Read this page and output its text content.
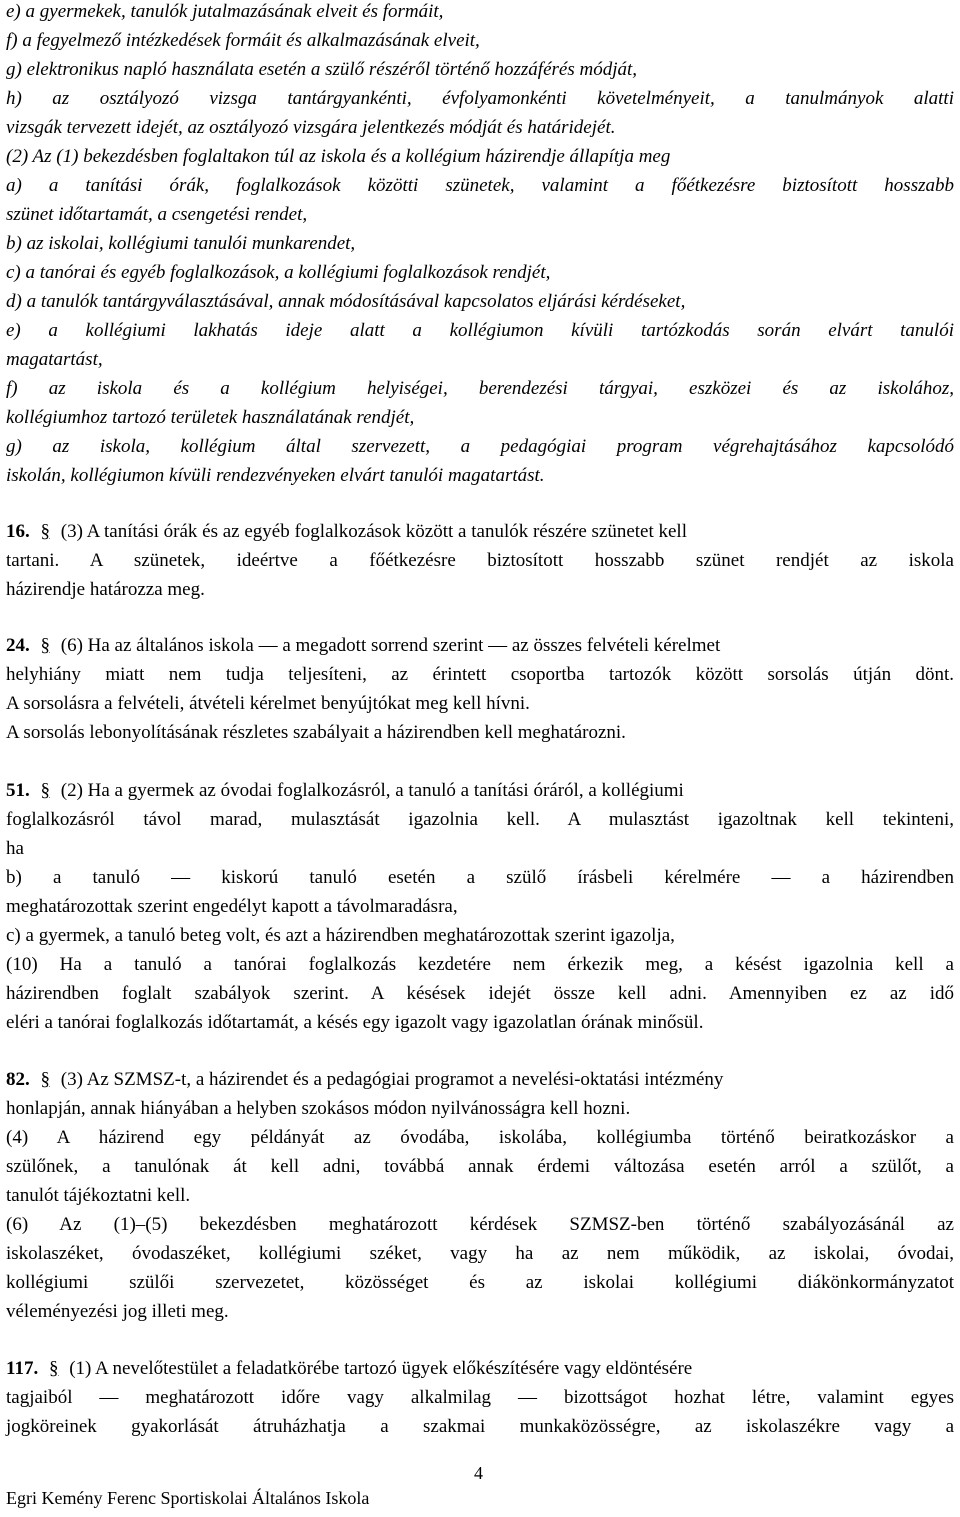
e) a gyermekek, tanulók jutalmazásának elveit és formáit,
f) a fegyelmező intézkedések formáit és alkalmazásának elveit,
g) elektronikus napló használata esetén a szülő részéről történő hozzáférés módját,
h) az osztályozó vizsga tantárgyankénti, évfolyamonkénti követelményeit, a tanulmányok alatti
vizsgák tervezett idejét, az osztályozó vizsgára jelentkezés módját és határidejét.
(2) Az (1) bekezdésben foglaltakon túl az iskola és a kollégium házirendje állapítja meg
a) a tanítási órák, foglalkozások közötti szünetek, valamint a főétkezésre biztosított hosszabb
szünet időtartamát, a csengetési rendet,
b) az iskolai, kollégiumi tanulói munkarendet,
c) a tanórai és egyéb foglalkozások, a kollégiumi foglalkozások rendjét,
d) a tanulók tantárgyválasztásával, annak módosításával kapcsolatos eljárási kérdéseket,
e) a kollégiumi lakhatás ideje alatt a kollégiumon kívüli tartózkodás során elvárt tanulói
magatartást,
f) az iskola és a kollégium helyiségei, berendezési tárgyai, eszközei és az iskolához,
kollégiumhoz tartozó területek használatának rendjét,
g) az iskola, kollégium által szervezett, a pedagógiai program végrehajtásához kapcsolódó
iskolán, kollégiumon kívüli rendezvényeken elvárt tanulói magatartást.
16. § (3) A tanítási órák és az egyéb foglalkozások között a tanulók részére szünetet kell
tartani. A szünetek, ideértve a főétkezésre biztosított hosszabb szünet rendjét az iskola
házirendje határozza meg.
24. § (6) Ha az általános iskola — a megadott sorrend szerint — az összes felvételi kérelmet
helyhiány miatt nem tudja teljesíteni, az érintett csoportba tartozók között sorsolás útján dönt.
A sorsolásra a felvételi, átvételi kérelmet benyújtókat meg kell hívni.
A sorsolás lebonyolításának részletes szabályait a házirendben kell meghatározni.
51. § (2) Ha a gyermek az óvodai foglalkozásról, a tanuló a tanítási óráról, a kollégiumi
foglalkozásról távol marad, mulasztását igazolnia kell. A mulasztást igazoltnak kell tekinteni,
ha
b) a tanuló — kiskorú tanuló esetén a szülő írásbeli kérelmére — a házirendben
meghatározottak szerint engedélyt kapott a távolmaradásra,
c) a gyermek, a tanuló beteg volt, és azt a házirendben meghatározottak szerint igazolja,
(10) Ha a tanuló a tanórai foglalkozás kezdetére nem érkezik meg, a késést igazolnia kell a
házirendben foglalt szabályok szerint. A késések idejét össze kell adni. Amennyiben ez az idő
eléri a tanórai foglalkozás időtartamát, a késés egy igazolt vagy igazolatlan órának minősül.
82. § (3) Az SZMSZ-t, a házirendet és a pedagógiai programot a nevelési-oktatási intézmény
honlapján, annak hiányában a helyben szokásos módon nyilvánosságra kell hozni.
(4) A házirend egy példányát az óvodába, iskolába, kollégiumba történő beiratkozáskor a
szülőnek, a tanulónak át kell adni, továbbá annak érdemi változása esetén arról a szülőt, a
tanulót tájékoztatni kell.
(6) Az (1)–(5) bekezdésben meghatározott kérdések SZMSZ-ben történő szabályozásánál az
iskolaszéket, óvodaszéket, kollégiumi széket, vagy ha az nem működik, az iskolai, óvodai,
kollégiumi szülői szervezetet, közösséget és az iskolai kollégiumi diákönkormányzatot
véleményezési jog illeti meg.
117. § (1) A nevelőtestület a feladatkörébe tartozó ügyek előkészítésére vagy eldöntésére
tagjaiból — meghatározott időre vagy alkalmilag — bizottságot hozhat létre, valamint egyes
jogköreinek gyakorlását átruházhatja a szakmai munkaközösségre, az iskolaszékre vagy a
4
Egri Kemény Ferenc Sportiskolai Általános Iskola
